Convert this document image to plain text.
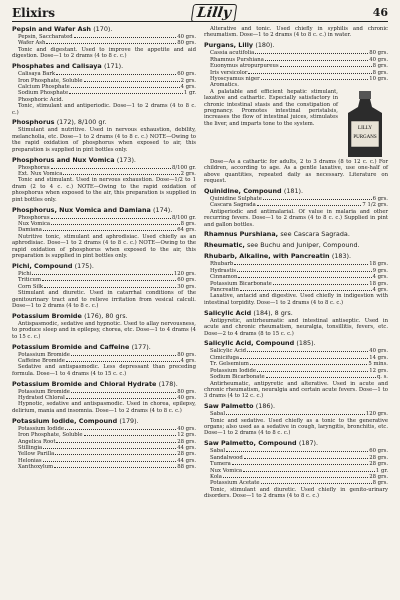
Elixirs	Lilly	46
Pepsin and Wafer Ash (170).
Pepsin, Saccharated	40 grs.
Wafer Ash	80 grs.
Tonic and digestant. Used to improve the appetite and aid digestion. Dose—1 to 2 drams (4 to 8 c. c.)
Phosphates and Calisaya (171).
Calisaya Bark	60 grs.
Iron Phosphate, Soluble	2 grs.
Calcium Phosphate	4 grs.
Sodium Phosphate	1 gr.
Phosphoric Acid.
Tonic, stimulant and antiperiodic. Dose—1 to 2 drams (4 to 8 c. c.)
Phosphorus (172), 8/100 gr.
Stimulant and nutritive. Used in nervous exhaustion, debility, melancholia, etc. Dose—1 to 2 drams (4 to 8 c. c.) NOTE—Owing to the rapid oxidation of phosphorus when exposed to air, this preparation is supplied in pint bottles only.
Phosphorus and Nux Vomica (173).
Phosphorus	8/100 gr.
Ext. Nux Vomica	2 grs.
Tonic and stimulant. Used in nervous exhaustion. Dose—1/2 to 1 dram (2 to 4 c. c.) NOTE—Owing to the rapid oxidation of phosphorus when exposed to the air, this preparation is supplied in pint bottles only.
Phosphorus, Nux Vomica and Damiana (174).
Phosphorus	8/100 gr.
Nux Vomica	8 grs.
Damiana	64 grs.
Nutritive tonic, stimulant and aphrodisiac. Used chiefly as an aphrodisiac. Dose—1 to 2 drams (4 to 8 c. c.) NOTE—Owing to the rapid oxidation of phosphorus when exposed to the air, this preparation is supplied in pint bottles only.
Pichi, Compound (175).
Pichi	120 grs.
Triticum	60 grs.
Corn Silk	30 grs.
Stimulant and diuretic. Used in catarrhal conditions of the genitourinary tract and to relieve irritation from vesical calculi. Dose—1 to 2 drams (4 to 8 c. c.)
Potassium Bromide (176), 80 grs.
Antispasmodic, sedative and hypnotic. Used to allay nervousness, to produce sleep and in epilepsy, chorea, etc. Dose—1 to 4 drams (4 to 15 c. c.)
Potassium Bromide and Caffeine (177).
Potassium Bromide	80 grs.
Caffeine Bromide	4 grs.
Sedative and antispasmodic. Less depressant than preceding formula. Dose—1 to 4 drams (4 to 15 c. c.)
Potassium Bromide and Chloral Hydrate (178).
Potassium Bromide	80 grs.
Hydrated Chloral	40 grs.
Hypnotic, sedative and antispasmodic. Used in chorea, epilepsy, delirium, mania and insomnia. Dose—1 to 2 drams (4 to 8 c. c.)
Potassium Iodide, Compound (179).
Potassium Iodide	40 grs.
Iron Phosphate, Soluble	12 grs.
Angelica Root	28 grs.
Stillingia	44 grs.
Yellow Parilla	28 grs.
Helonias	44 grs.
Xanthoxylum	88 grs.
Alterative and tonic. Used chiefly in syphilis and chronic rheumatism. Dose—1 to 2 drams (4 to 8 c. c.) in water.
Purgans, Lilly (180).
Cassia acutifolia	80 grs.
Rhamnus Purshiana	40 grs.
Euonymus atropurpureus	8 grs.
Iris versicolor	8 grs.
Hyoscyamus niger	10 grs.
Aromatics.
A palatable and efficient hepatic stimulant, laxative and cathartic. Especially satisfactory in chronic intestinal stasis and the constipation of pregnancy. Promotes intestinal peristalsis, increases the flow of intestinal juices, stimulates the liver, and imparts tone to the system.
LILLY
PURGANS
Dose—As a cathartic for adults, 2 to 3 drams (8 to 12 c. c.) For children, according to age. As a gentle laxative, use one-half of above quantities, repeated daily as necessary. Literature on request.
Quinidine, Compound (181).
Quinidine Sulphate	6 grs.
Cascara Sagrada	7 1/2 grs.
Antiperiodic and antimalarial. Of value in malaria and other recurring fevers. Dose—1 to 2 drams (4 to 8 c. c.) Supplied in pint and gallon bottles.
Rhamnus Purshiana, see Cascara Sagrada.
Rheumatic, see Buchu and Juniper, Compound.
Rhubarb, Alkaline, with Pancreatin (183).
Rhubarb	18 grs.
Hydrastis	9 grs.
Cinnamon	4 grs.
Potassium Bicarbonate	18 grs.
Pancreatin	4 grs.
Laxative, antacid and digestive. Used chiefly in indigestion with intestinal torpidity. Dose—1 to 2 drams (4 to 8 c. c.)
Salicylic Acid (184), 8 grs.
Antipyretic, antirheumatic and intestinal antiseptic. Used in acute and chronic rheumatism, neuralgia, tonsillitis, fevers, etc. Dose—2 to 4 drams (8 to 15 c. c.)
Salicylic Acid, Compound (185).
Salicylic Acid	40 grs.
Cimicifuga	14 grs.
Tr. Gelsemium	5 mins.
Potassium Iodide	12 grs.
Sodium Bicarbonate	q. s.
Antirheumatic, antipyretic and alterative. Used in acute and chronic rheumatism, neuralgia and certain acute fevers. Dose—1 to 3 drams (4 to 12 c. c.)
Saw Palmetto (186).
Sabal	120 grs.
Tonic and sedative. Used chiefly as a tonic to the generative organs; also used as a sedative in cough, laryngitis, bronchitis, etc. Dose—1 to 2 drams (4 to 8 c. c.)
Saw Palmetto, Compound (187).
Sabal	60 grs.
Sandalwood	28 grs.
Tumera	28 grs.
Nux Vomica	1 gr.
Kola	28 grs.
Potassium Acetate	8 grs.
Tonic, stimulant and diuretic. Used chiefly in genito-urinary disorders. Dose—1 to 2 drams (4 to 8 c. c.)
